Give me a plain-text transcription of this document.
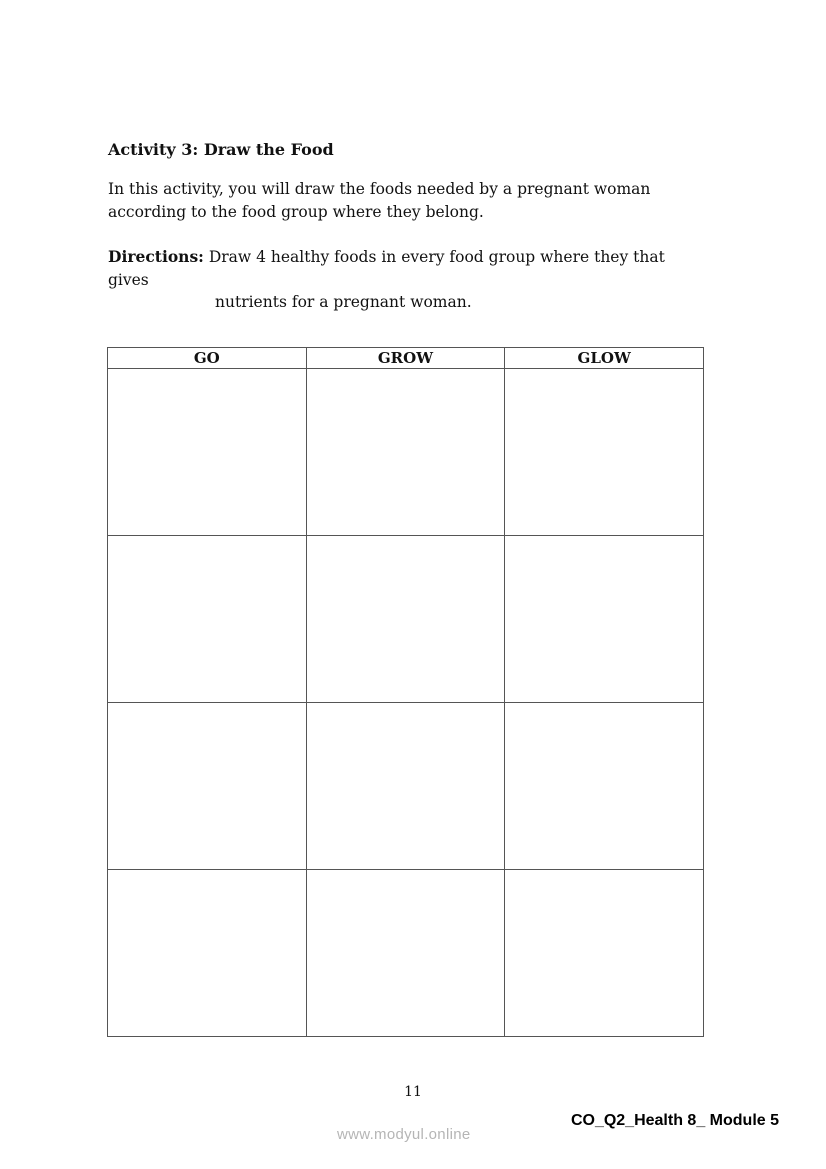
Activity 3: Draw the Food

In this activity, you will draw the foods needed by a pregnant woman
according to the food group where they belong.

Directions: Draw 4 healthy foods in every food group where they that gives

nutrients for a pregnant woman.

GO	GROW	GLOW

11
CO_Q2_Health 8_ Module 5
www.modyul.online
